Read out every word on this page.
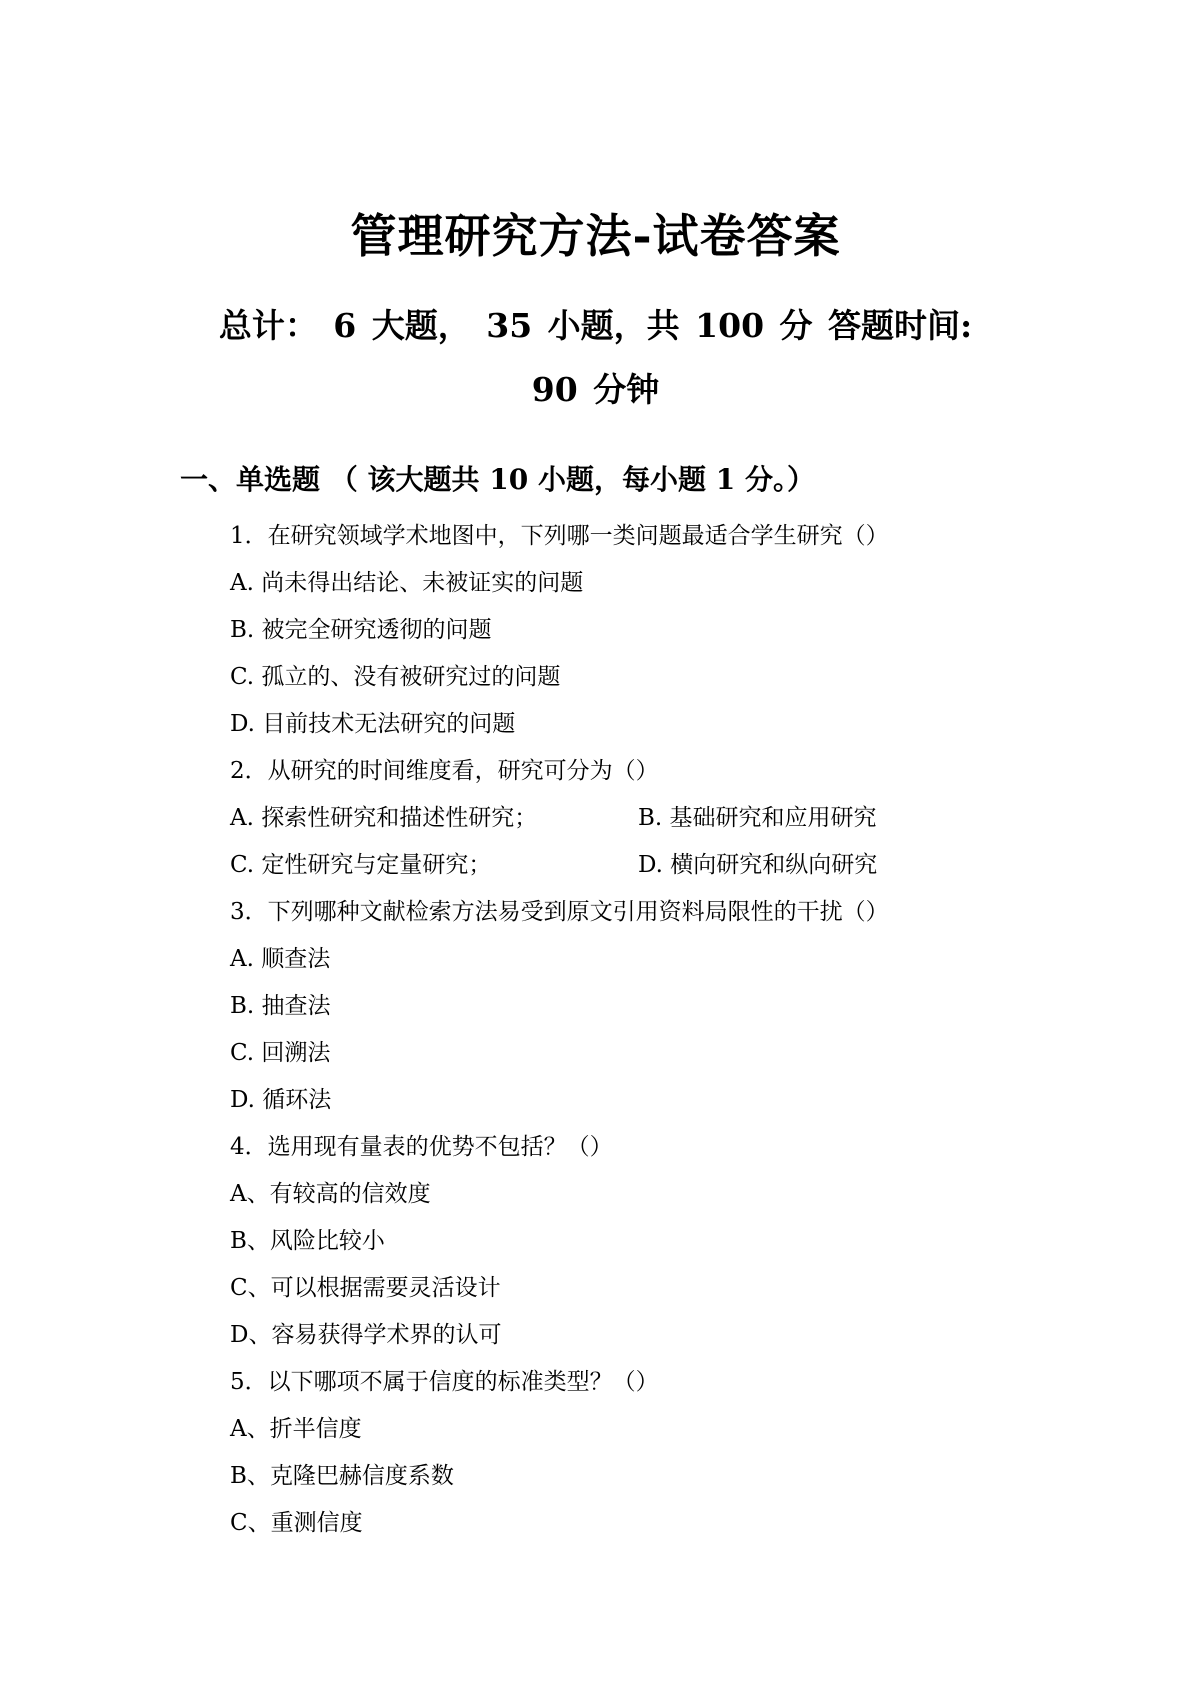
管理研究方法-试卷答案
总计： 6 大题， 35 小题，共 100 分 答题时间:
90 分钟
一、单选题 （ 该大题共 10 小题，每小题 1 分。）
1．在研究领域学术地图中，下列哪一类问题最适合学生研究（）
A. 尚未得出结论、未被证实的问题
B. 被完全研究透彻的问题
C. 孤立的、没有被研究过的问题
D. 目前技术无法研究的问题
2．从研究的时间维度看，研究可分为（）
A. 探索性研究和描述性研究；	B. 基础研究和应用研究
C. 定性研究与定量研究；	D. 横向研究和纵向研究
3．下列哪种文献检索方法易受到原文引用资料局限性的干扰（）
A. 顺查法
B. 抽查法
C. 回溯法
D. 循环法
4．选用现有量表的优势不包括？（）
A、有较高的信效度
B、风险比较小
C、可以根据需要灵活设计
D、容易获得学术界的认可
5．以下哪项不属于信度的标准类型？（）
A、折半信度
B、克隆巴赫信度系数
C、重测信度
